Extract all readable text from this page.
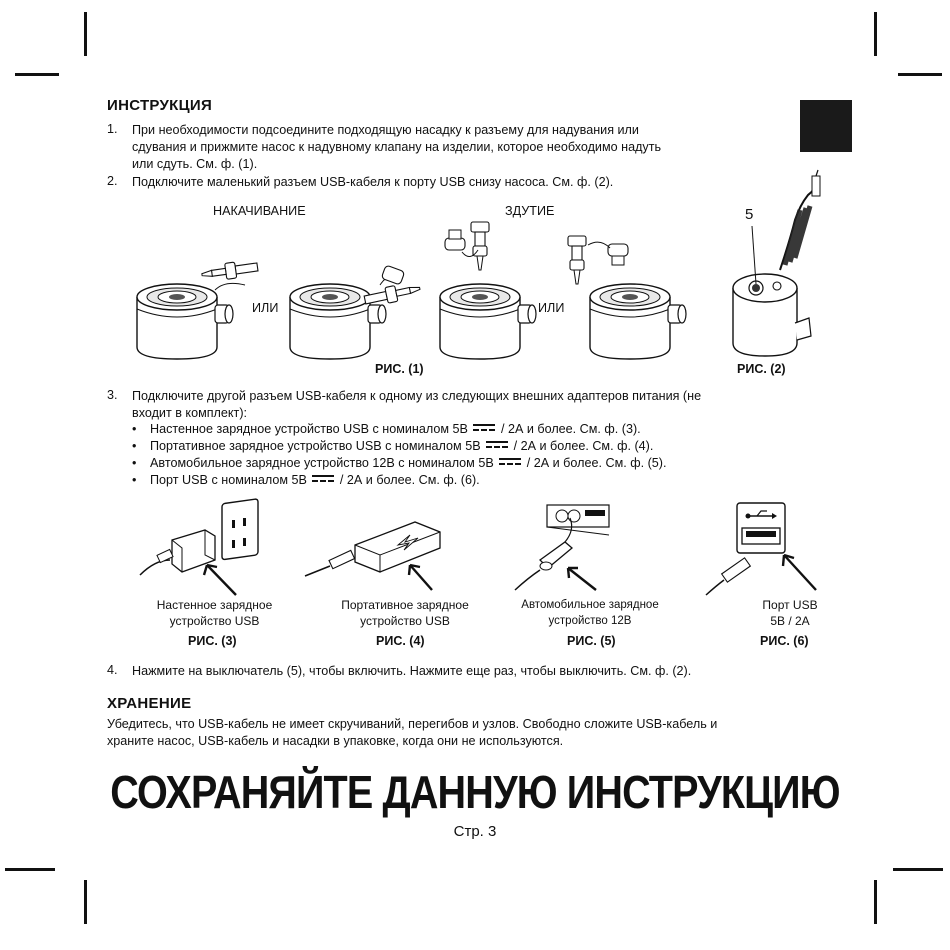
ИНСТРУКЦИЯ
1. При необходимости подсоедините подходящую насадку к разъему для надувания или
сдувания и прижмите насос к надувному клапану на изделии, которое необходимо надуть
или сдуть. См. ф. (1).
2. Подключите маленький разъем USB-кабеля к порту USB снизу насоса. См. ф. (2).
НАКАЧИВАНИЕ	ЗДУТИЕ
ИЛИ	ИЛИ
5
РИС. (1)	РИС. (2)
3. Подключите другой разъем USB-кабеля к одному из следующих внешних адаптеров питания (не
входит в комплект):
• Настенное зарядное устройство USB с номиналом 5В	/ 2А и более. См. ф. (3).
• Портативное зарядное устройство USB с номиналом 5В	/ 2А и более. См. ф. (4).
• Автомобильное зарядное устройство 12В с номиналом 5В	/ 2А и более. См. ф. (5).
• Порт USB с номиналом 5В	/ 2А и более. См. ф. (6).
Настенное зарядное
устройство USB
РИС. (3)
Портативное зарядное
устройство USB
РИС. (4)
Автомобильное зарядное
устройство 12В
РИС. (5)
Порт USB
5В / 2А
РИС. (6)
4. Нажмите на выключатель (5), чтобы включить. Нажмите еще раз, чтобы выключить. См. ф. (2).
ХРАНЕНИЕ
Убедитесь, что USB-кабель не имеет скручиваний, перегибов и узлов. Свободно сложите USB-кабель и
храните насос, USB-кабель и насадки в упаковке, когда они не используются.
СОХРАНЯЙТЕ ДАННУЮ ИНСТРУКЦИЮ
Стр. 3
